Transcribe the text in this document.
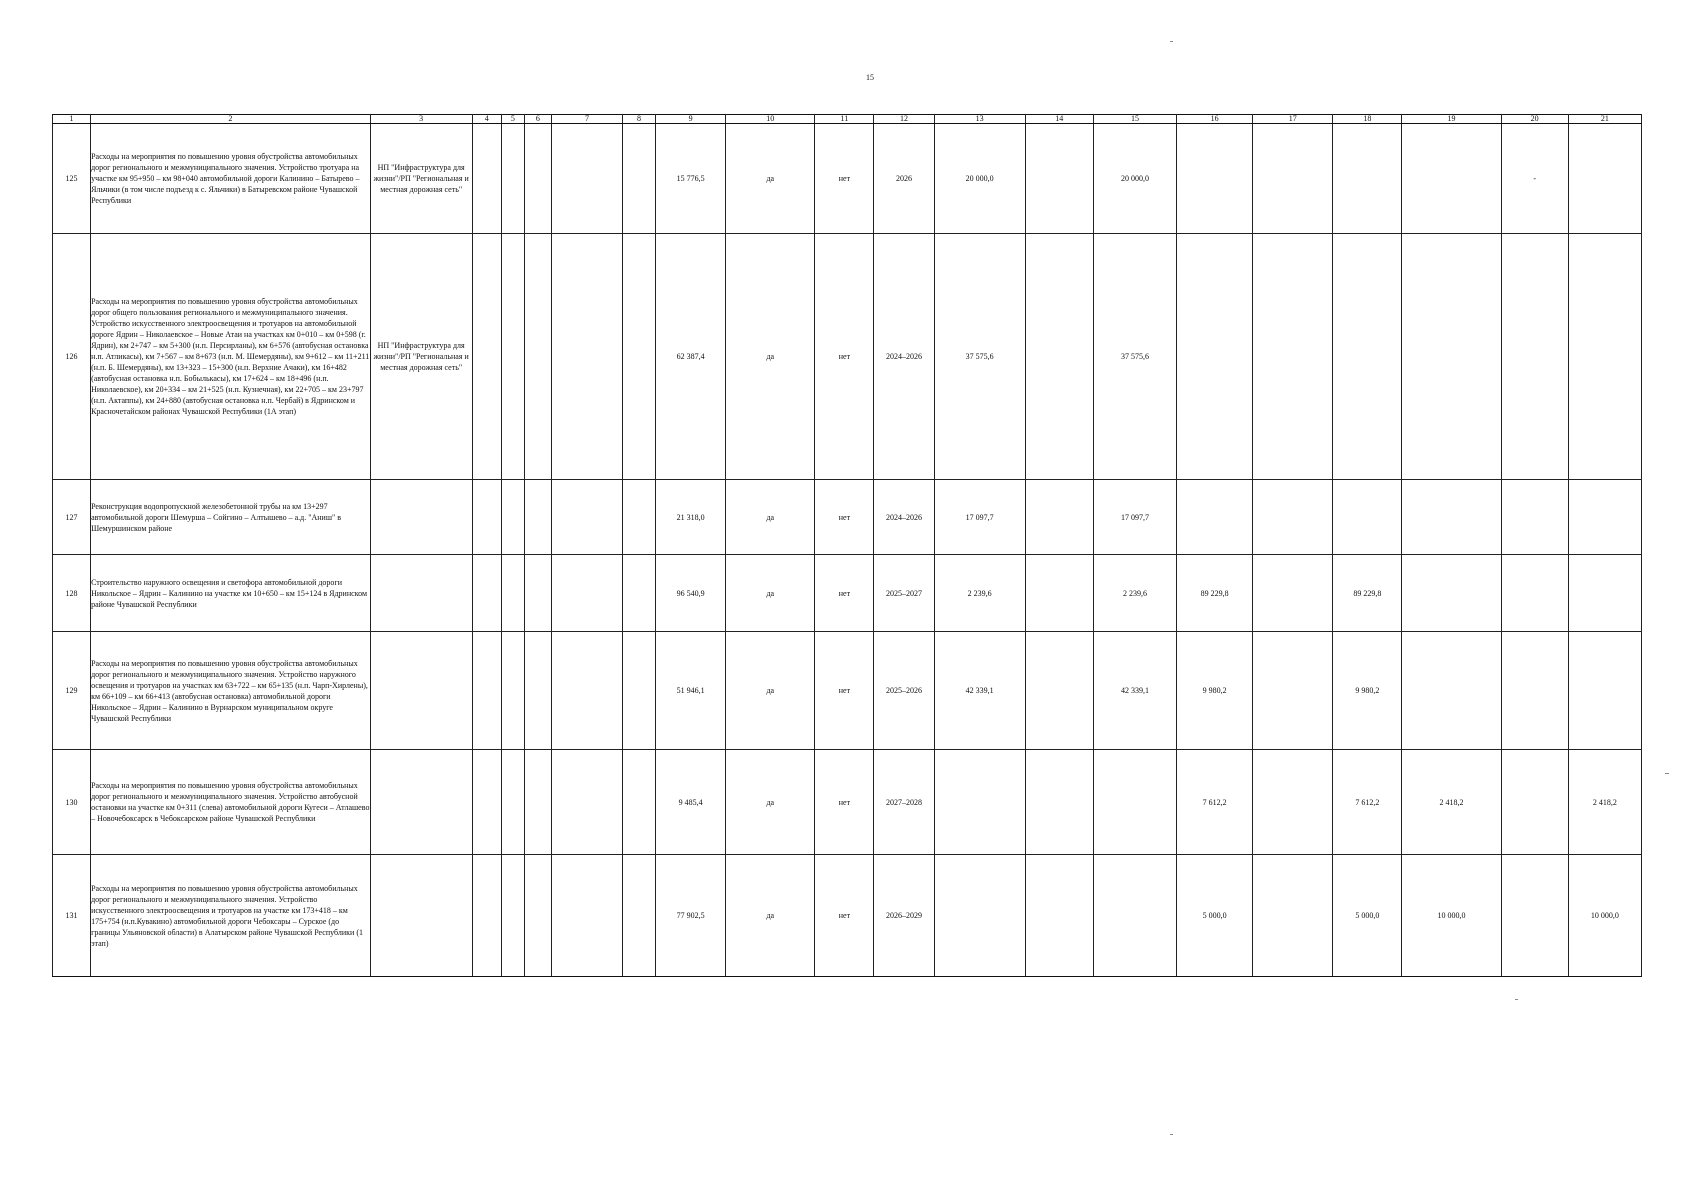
15
1	2	3	4	5	6	7	8	9	10	11	12	13	14	15	16	17	18	19	20	21
125	Расходы на мероприятия по повышению уровня обустройства автомобильных дорог регионального и межмуниципального значения. Устройство тротуара на участке км 95+950 – км 98+040 автомобильной дороги Калинино – Батырево – Яльчики (в том числе подъезд к с. Яльчики) в Батыревском районе Чувашской Республики	НП "Инфраструктура для жизни"/РП "Региональная и местная дорожная сеть"						15 776,5	да	нет	2026	20 000,0		20 000,0					-	
126	Расходы на мероприятия по повышению уровня обустройства автомобильных дорог общего пользования регионального и межмуниципального значения. Устройство искусственного электроосвещения и тротуаров на автомобильной дороге Ядрин – Николаевское – Новые Атаи на участках км 0+010 – км 0+598 (г. Ядрин), км 2+747 – км 5+300 (н.п. Персирланы), км 6+576 (автобусная остановка н.п. Атликасы), км 7+567 – км 8+673 (н.п. М. Шемердяны), км 9+612 – км 11+211 (н.п. Б. Шемердяны), км 13+323 – 15+300 (н.п. Верхние Ачаки), км 16+482 (автобусная остановка н.п. Бобылькасы), км 17+624 – км 18+496 (н.п. Николаевское), км 20+334 – км 21+525 (н.п. Кузнечная), км 22+705 – км 23+797 (н.п. Актаппы), км 24+880 (автобусная остановка н.п. Чербай) в Ядринском и Красночетайском районах Чувашской Республики (1А этап)	НП "Инфраструктура для жизни"/РП "Региональная и местная дорожная сеть"						62 387,4	да	нет	2024–2026	37 575,6		37 575,6						
127	Реконструкция водопропускной железобетонной трубы на км 13+297 автомобильной дороги Шемурша – Сойгино – Алтышево – а.д. "Аниш" в Шемуршинском районе							21 318,0	да	нет	2024–2026	17 097,7		17 097,7						
128	Строительство наружного освещения и светофора автомобильной дороги Никольское – Ядрин – Калинино на участке км 10+650 – км 15+124 в Ядринском районе Чувашской Республики							96 540,9	да	нет	2025–2027	2 239,6		2 239,6	89 229,8		89 229,8			
129	Расходы на мероприятия по повышению уровня обустройства автомобильных дорог регионального и межмуниципального значения. Устройство наружного освещения и тротуаров на участках км 63+722 – км 65+135 (н.п. Чарп-Хирлены), км 66+109 – км 66+413 (автобусная остановка) автомобильной дороги Никольское – Ядрин – Калинино в Вурнарском муниципальном округе Чувашской Республики							51 946,1	да	нет	2025–2026	42 339,1		42 339,1	9 980,2		9 980,2			
130	Расходы на мероприятия по повышению уровня обустройства автомобильных дорог регионального и межмуниципального значения. Устройство автобусной остановки на участке км 0+311 (слева) автомобильной дороги Кугеси – Атлашево – Новочебоксарск в Чебоксарском районе Чувашской Республики							9 485,4	да	нет	2027–2028				7 612,2		7 612,2	2 418,2		2 418,2
131	Расходы на мероприятия по повышению уровня обустройства автомобильных дорог регионального и межмуниципального значения. Устройство искусственного электроосвещения и тротуаров на участке км 173+418 – км 175+754 (н.п.Кувакино) автомобильной дороги Чебоксары – Сурское (до границы Ульяновской области) в Алатырском районе Чувашской Республики (1 этап)							77 902,5	да	нет	2026–2029				5 000,0		5 000,0	10 000,0		10 000,0
